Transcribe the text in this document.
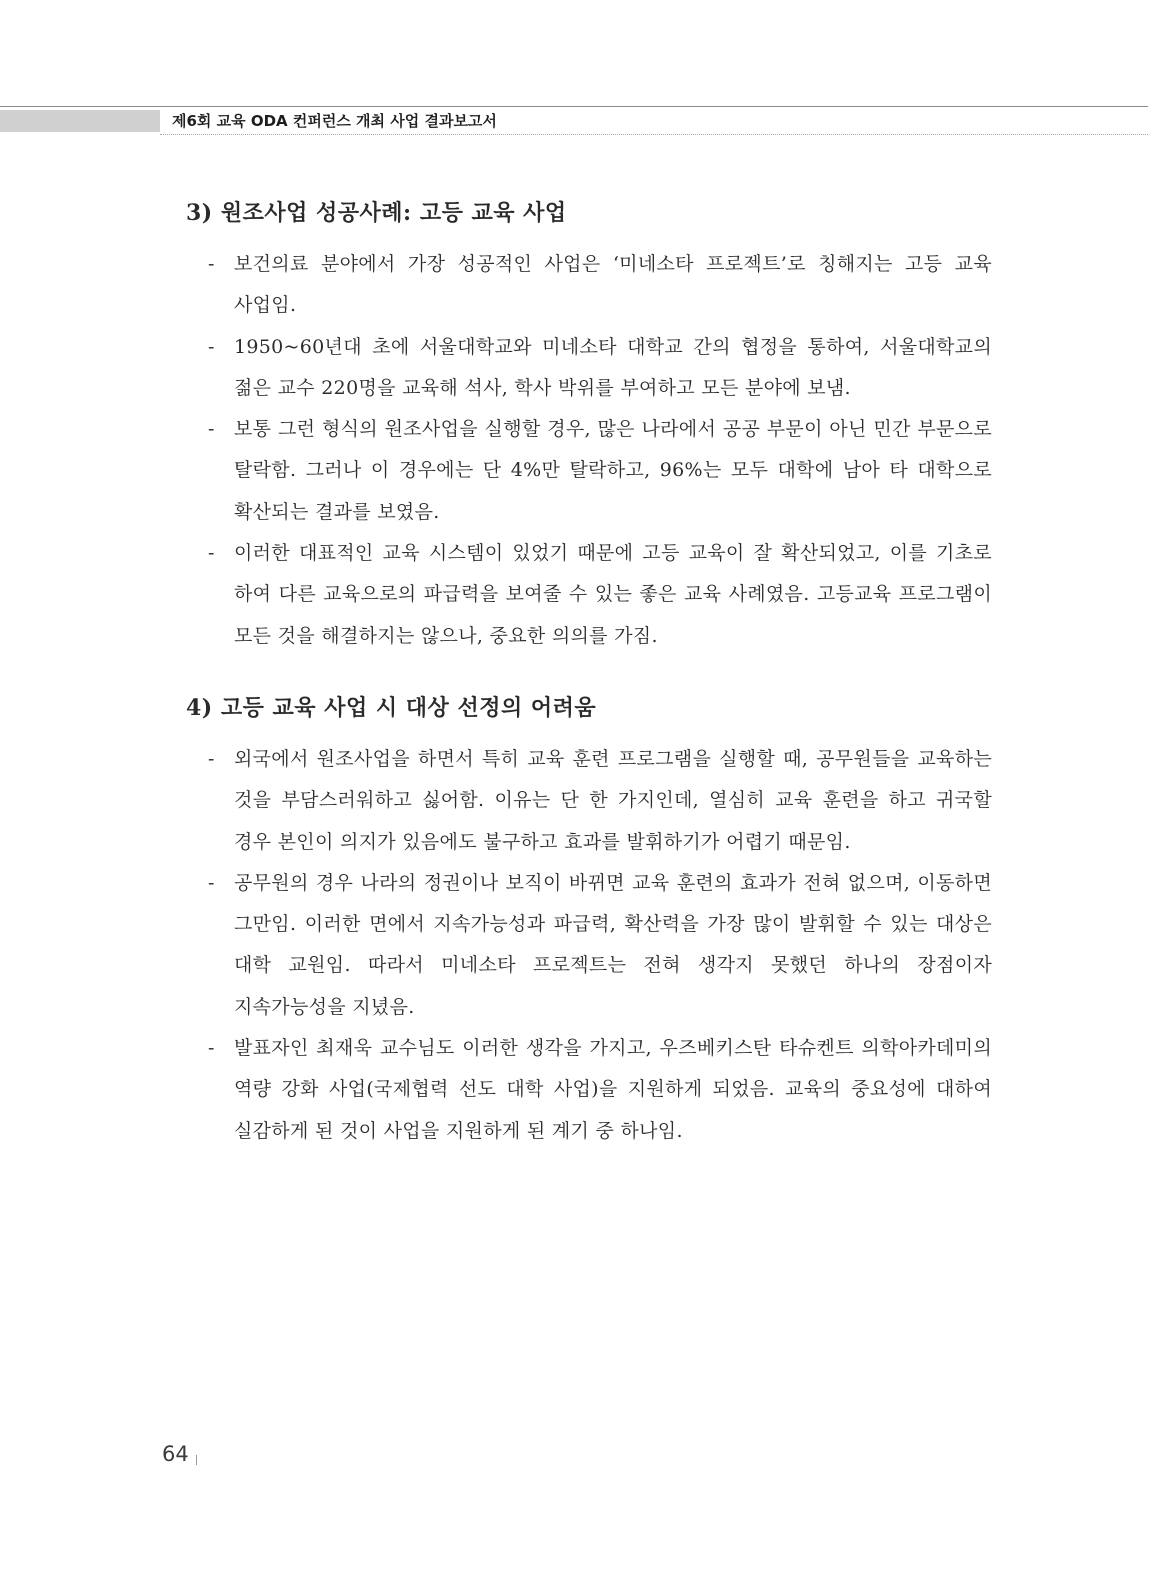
제6회 교육 ODA 컨퍼런스 개최 사업 결과보고서
3) 원조사업 성공사례: 고등 교육 사업
- 보건의료 분야에서 가장 성공적인 사업은 ‘미네소타 프로젝트’로 칭해지는 고등 교육 사업임.
- 1950~60년대 초에 서울대학교와 미네소타 대학교 간의 협정을 통하여, 서울대학교의 젊은 교수 220명을 교육해 석사, 학사 박위를 부여하고 모든 분야에 보냄.
- 보통 그런 형식의 원조사업을 실행할 경우, 많은 나라에서 공공 부문이 아닌 민간 부문으로 탈락함. 그러나 이 경우에는 단 4%만 탈락하고, 96%는 모두 대학에 남아 타 대학으로 확산되는 결과를 보였음.
- 이러한 대표적인 교육 시스템이 있었기 때문에 고등 교육이 잘 확산되었고, 이를 기초로 하여 다른 교육으로의 파급력을 보여줄 수 있는 좋은 교육 사례였음. 고등교육 프로그램이 모든 것을 해결하지는 않으나, 중요한 의의를 가짐.
4) 고등 교육 사업 시 대상 선정의 어려움
- 외국에서 원조사업을 하면서 특히 교육 훈련 프로그램을 실행할 때, 공무원들을 교육하는 것을 부담스러워하고 싫어함. 이유는 단 한 가지인데, 열심히 교육 훈련을 하고 귀국할 경우 본인이 의지가 있음에도 불구하고 효과를 발휘하기가 어렵기 때문임.
- 공무원의 경우 나라의 정권이나 보직이 바뀌면 교육 훈련의 효과가 전혀 없으며, 이동하면 그만임. 이러한 면에서 지속가능성과 파급력, 확산력을 가장 많이 발휘할 수 있는 대상은 대학 교원임. 따라서 미네소타 프로젝트는 전혀 생각지 못했던 하나의 장점이자 지속가능성을 지녔음.
- 발표자인 최재욱 교수님도 이러한 생각을 가지고, 우즈베키스탄 타슈켄트 의학아카데미의 역량 강화 사업(국제협력 선도 대학 사업)을 지원하게 되었음. 교육의 중요성에 대하여 실감하게 된 것이 사업을 지원하게 된 계기 중 하나임.
64
